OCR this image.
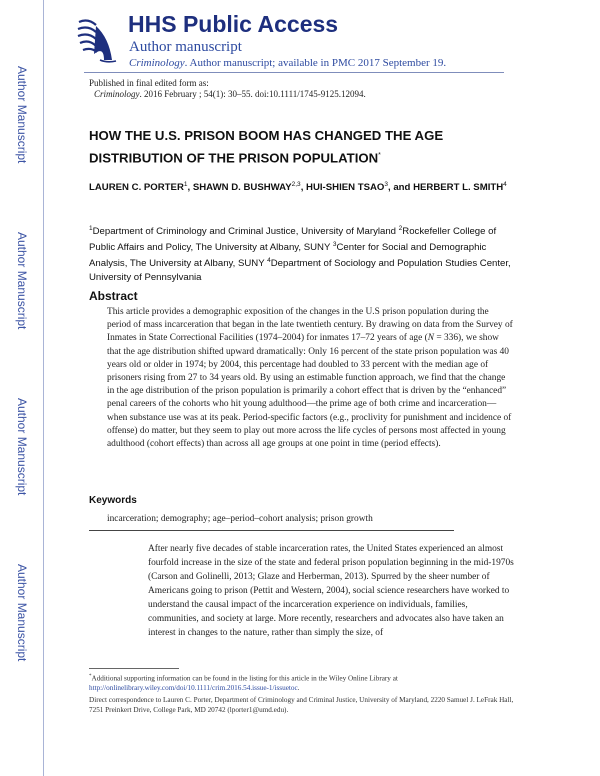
Author Manuscript
Author Manuscript
Author Manuscript
Author Manuscript
HHS Public Access
Author manuscript
Criminology. Author manuscript; available in PMC 2017 September 19.
Published in final edited form as:
Criminology. 2016 February ; 54(1): 30–55. doi:10.1111/1745-9125.12094.
HOW THE U.S. PRISON BOOM HAS CHANGED THE AGE DISTRIBUTION OF THE PRISON POPULATION*
LAUREN C. PORTER$^1$, SHAWN D. BUSHWAY$^{2,3}$, HUI-SHIEN TSAO$^3$, and HERBERT L. SMITH$^4$
$^1$Department of Criminology and Criminal Justice, University of Maryland $^2$Rockefeller College of Public Affairs and Policy, The University at Albany, SUNY $^3$Center for Social and Demographic Analysis, The University at Albany, SUNY $^4$Department of Sociology and Population Studies Center, University of Pennsylvania
Abstract

This article provides a demographic exposition of the changes in the U.S prison population during the period of mass incarceration that began in the late twentieth century. By drawing on data from the Survey of Inmates in State Correctional Facilities (1974–2004) for inmates 17–72 years of age (N = 336), we show that the age distribution shifted upward dramatically: Only 16 percent of the state prison population was 40 years old or older in 1974; by 2004, this percentage had doubled to 33 percent with the median age of prisoners rising from 27 to 34 years old. By using an estimable function approach, we find that the change in the age distribution of the prison population is primarily a cohort effect that is driven by the “enhanced” penal careers of the cohorts who hit young adulthood—the prime age of both crime and incarceration—when substance use was at its peak. Period-specific factors (e.g., proclivity for punishment and incidence of offense) do matter, but they seem to play out more across the life cycles of persons most affected in young adulthood (cohort effects) than across all age groups at one point in time (period effects).

Keywords
incarceration; demography; age–period–cohort analysis; prison growth

After nearly five decades of stable incarceration rates, the United States experienced an almost fourfold increase in the size of the state and federal prison population beginning in the mid-1970s (Carson and Golinelli, 2013; Glaze and Herberman, 2013). Spurred by the sheer number of Americans going to prison (Pettit and Western, 2004), social science researchers have worked to understand the causal impact of the incarceration experience on individuals, families, communities, and society at large. More recently, researchers and advocates also have taken an interest in changes to the nature, rather than simply the size, of

*Additional supporting information can be found in the listing for this article in the Wiley Online Library at http://onlinelibrary.wiley.com/doi/10.1111/crim.2016.54.issue-1/issuetoc.
Direct correspondence to Lauren C. Porter, Department of Criminology and Criminal Justice, University of Maryland, 2220 Samuel J. LeFrak Hall, 7251 Preinkert Drive, College Park, MD 20742 (lporter1@umd.edu).
